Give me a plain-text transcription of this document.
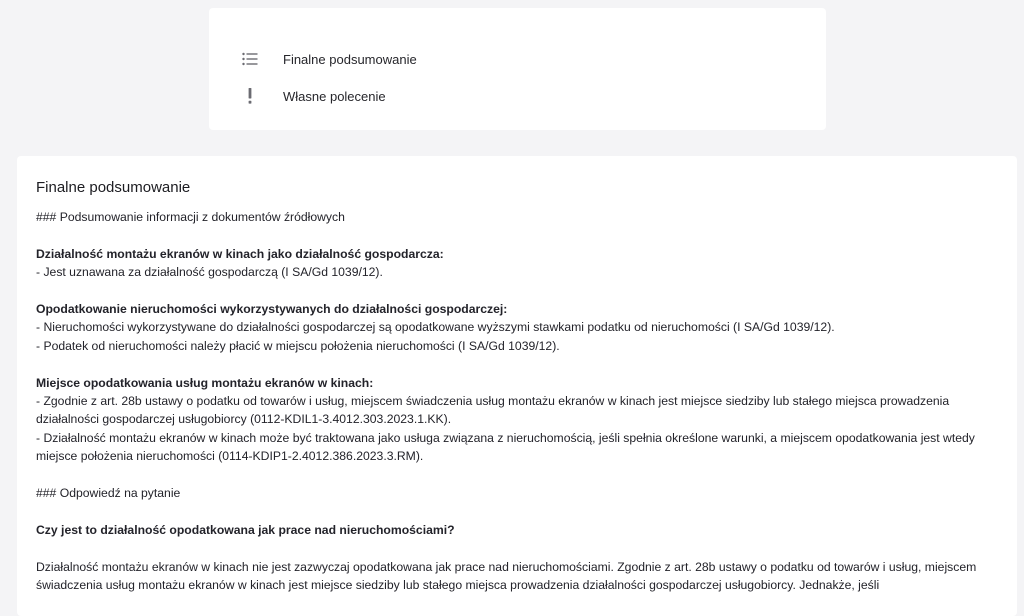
Finalne podsumowanie
Własne polecenie
Finalne podsumowanie

### Podsumowanie informacji z dokumentów źródłowych

Działalność montażu ekranów w kinach jako działalność gospodarcza:

- Jest uznawana za działalność gospodarczą (I SA/Gd 1039/12).

Opodatkowanie nieruchomości wykorzystywanych do działalności gospodarczej:

- Nieruchomości wykorzystywane do działalności gospodarczej są opodatkowane wyższymi stawkami podatku od nieruchomości (I SA/Gd 1039/12).

- Podatek od nieruchomości należy płacić w miejscu położenia nieruchomości (I SA/Gd 1039/12).

Miejsce opodatkowania usług montażu ekranów w kinach:

- Zgodnie z art. 28b ustawy o podatku od towarów i usług, miejscem świadczenia usług montażu ekranów w kinach jest miejsce siedziby lub stałego miejsca prowadzenia działalności gospodarczej usługobiorcy (0112-KDIL1-3.4012.303.2023.1.KK).

- Działalność montażu ekranów w kinach może być traktowana jako usługa związana z nieruchomością, jeśli spełnia określone warunki, a miejscem opodatkowania jest wtedy miejsce położenia nieruchomości (0114-KDIP1-2.4012.386.2023.3.RM).

### Odpowiedź na pytanie

Czy jest to działalność opodatkowana jak prace nad nieruchomościami?

Działalność montażu ekranów w kinach nie jest zazwyczaj opodatkowana jak prace nad nieruchomościami. Zgodnie z art. 28b ustawy o podatku od towarów i usług, miejscem świadczenia usług montażu ekranów w kinach jest miejsce siedziby lub stałego miejsca prowadzenia działalności gospodarczej usługobiorcy. Jednakże, jeśli
